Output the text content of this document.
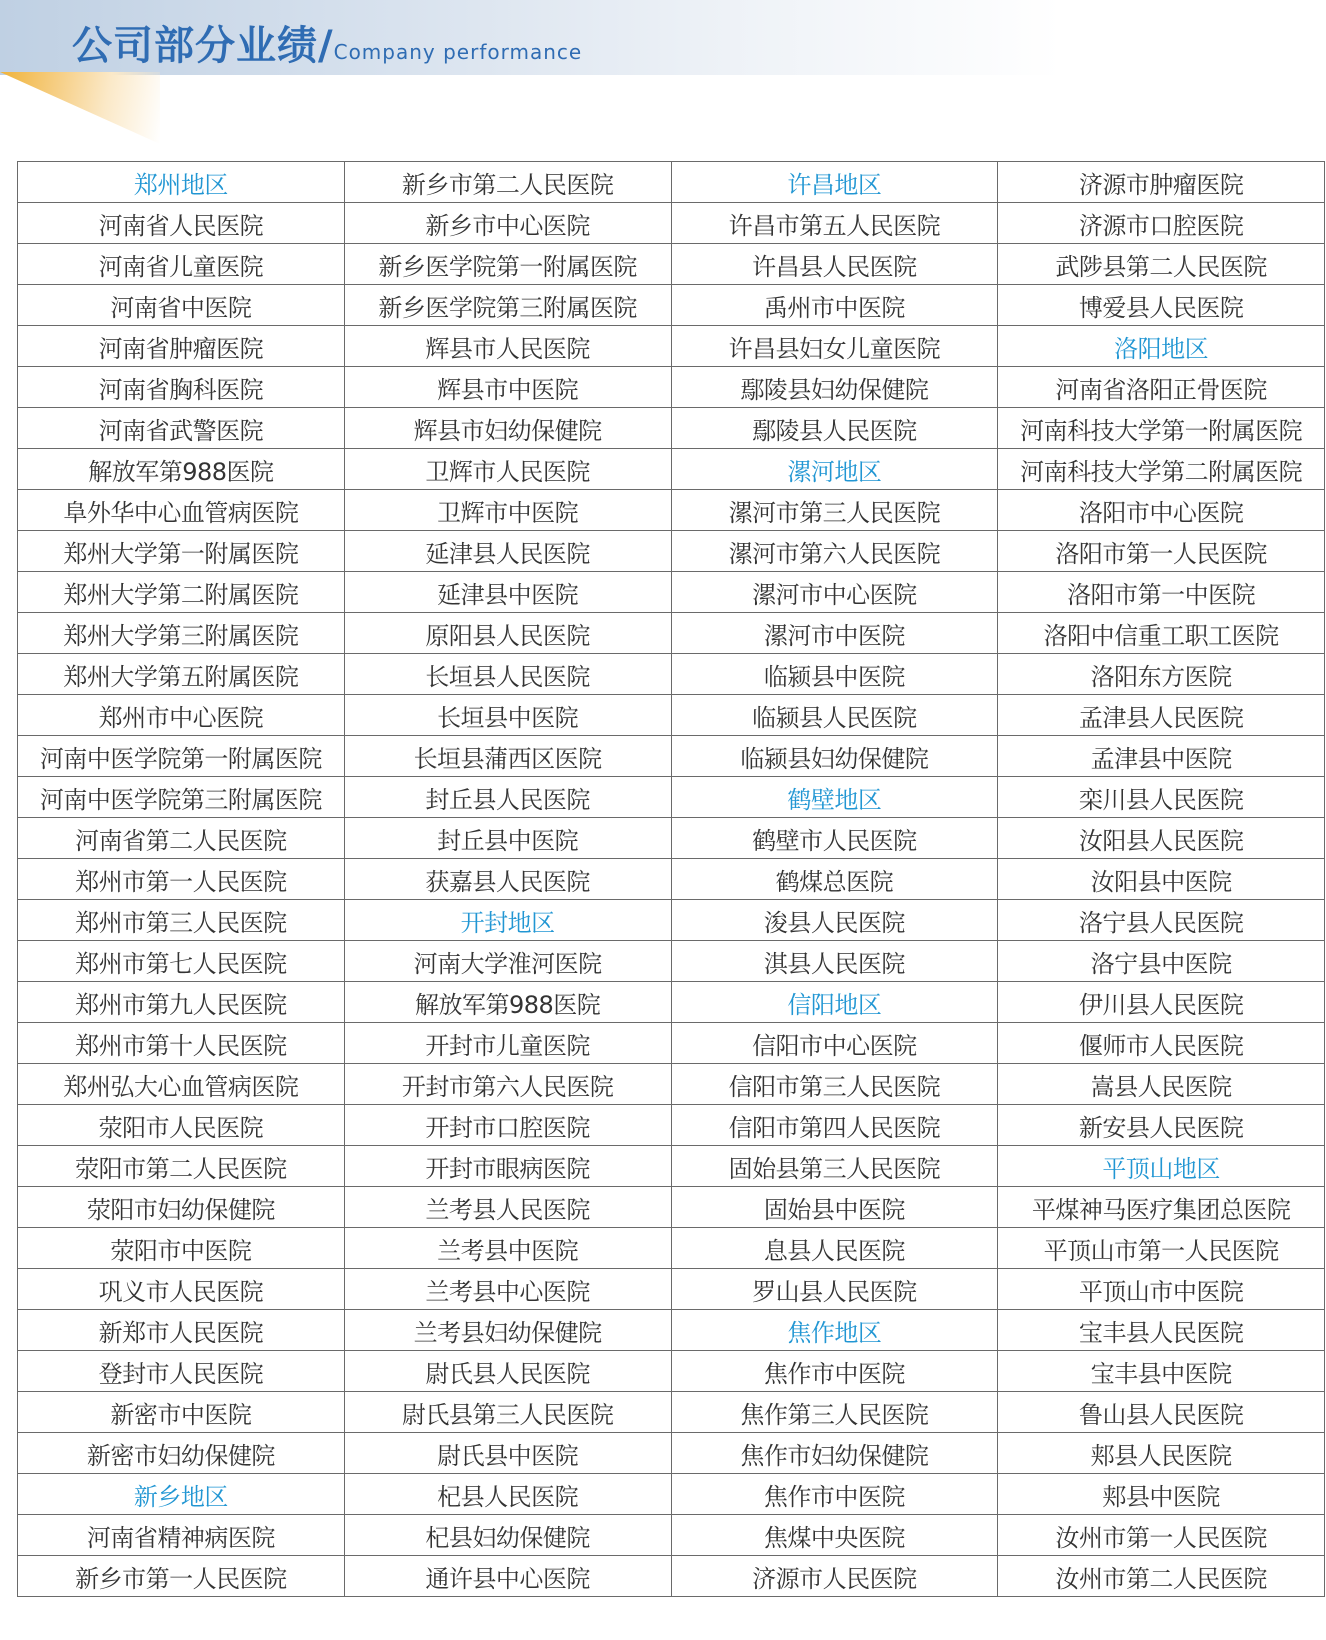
公司部分业绩/Company performance
郑州地区	新乡市第二人民医院	许昌地区	济源市肿瘤医院
河南省人民医院	新乡市中心医院	许昌市第五人民医院	济源市口腔医院
河南省儿童医院	新乡医学院第一附属医院	许昌县人民医院	武陟县第二人民医院
河南省中医院	新乡医学院第三附属医院	禹州市中医院	博爱县人民医院
河南省肿瘤医院	辉县市人民医院	许昌县妇女儿童医院	洛阳地区
河南省胸科医院	辉县市中医院	鄢陵县妇幼保健院	河南省洛阳正骨医院
河南省武警医院	辉县市妇幼保健院	鄢陵县人民医院	河南科技大学第一附属医院
解放军第988医院	卫辉市人民医院	漯河地区	河南科技大学第二附属医院
阜外华中心血管病医院	卫辉市中医院	漯河市第三人民医院	洛阳市中心医院
郑州大学第一附属医院	延津县人民医院	漯河市第六人民医院	洛阳市第一人民医院
郑州大学第二附属医院	延津县中医院	漯河市中心医院	洛阳市第一中医院
郑州大学第三附属医院	原阳县人民医院	漯河市中医院	洛阳中信重工职工医院
郑州大学第五附属医院	长垣县人民医院	临颍县中医院	洛阳东方医院
郑州市中心医院	长垣县中医院	临颍县人民医院	孟津县人民医院
河南中医学院第一附属医院	长垣县蒲西区医院	临颍县妇幼保健院	孟津县中医院
河南中医学院第三附属医院	封丘县人民医院	鹤壁地区	栾川县人民医院
河南省第二人民医院	封丘县中医院	鹤壁市人民医院	汝阳县人民医院
郑州市第一人民医院	获嘉县人民医院	鹤煤总医院	汝阳县中医院
郑州市第三人民医院	开封地区	浚县人民医院	洛宁县人民医院
郑州市第七人民医院	河南大学淮河医院	淇县人民医院	洛宁县中医院
郑州市第九人民医院	解放军第988医院	信阳地区	伊川县人民医院
郑州市第十人民医院	开封市儿童医院	信阳市中心医院	偃师市人民医院
郑州弘大心血管病医院	开封市第六人民医院	信阳市第三人民医院	嵩县人民医院
荥阳市人民医院	开封市口腔医院	信阳市第四人民医院	新安县人民医院
荥阳市第二人民医院	开封市眼病医院	固始县第三人民医院	平顶山地区
荥阳市妇幼保健院	兰考县人民医院	固始县中医院	平煤神马医疗集团总医院
荥阳市中医院	兰考县中医院	息县人民医院	平顶山市第一人民医院
巩义市人民医院	兰考县中心医院	罗山县人民医院	平顶山市中医院
新郑市人民医院	兰考县妇幼保健院	焦作地区	宝丰县人民医院
登封市人民医院	尉氏县人民医院	焦作市中医院	宝丰县中医院
新密市中医院	尉氏县第三人民医院	焦作第三人民医院	鲁山县人民医院
新密市妇幼保健院	尉氏县中医院	焦作市妇幼保健院	郏县人民医院
新乡地区	杞县人民医院	焦作市中医院	郏县中医院
河南省精神病医院	杞县妇幼保健院	焦煤中央医院	汝州市第一人民医院
新乡市第一人民医院	通许县中心医院	济源市人民医院	汝州市第二人民医院
